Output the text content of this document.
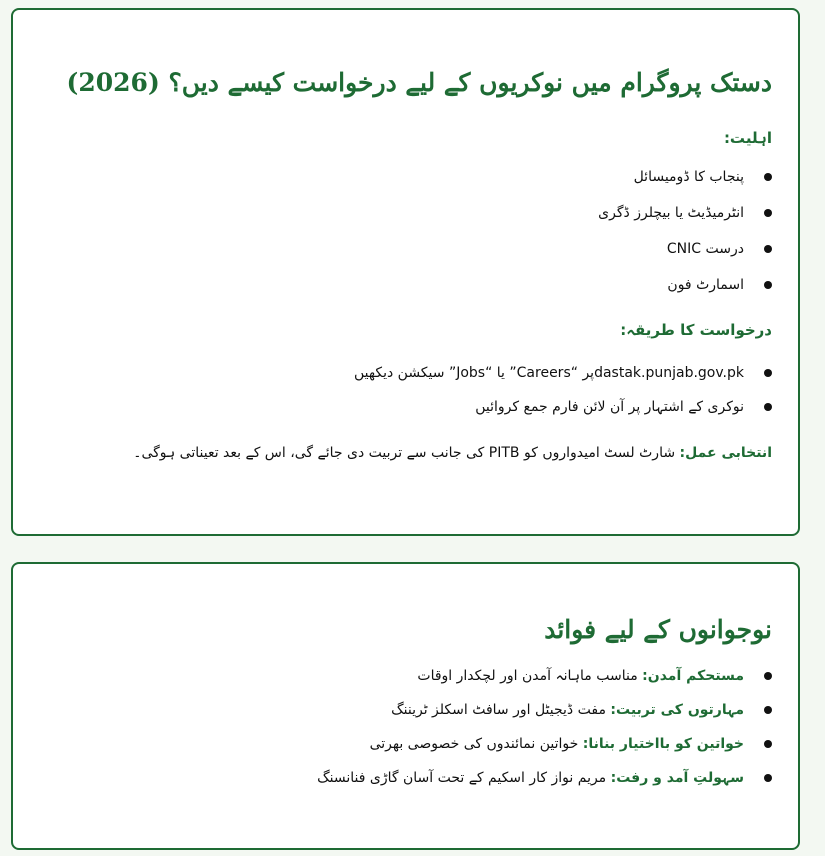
دستک پروگرام میں نوکریوں کے لیے درخواست کیسے دیں؟ (2026)
اہلیت:
پنجاب کا ڈومیسائل
انٹرمیڈیٹ یا بیچلرز ڈگری
درست CNIC
اسمارٹ فون
درخواست کا طریقہ:
dastak.punjab.gov.pkپر “Careers” یا “Jobs” سیکشن دیکھیں
نوکری کے اشتہار پر آن لائن فارم جمع کروائیں

انتخابی عمل: شارٹ لسٹ امیدواروں کو PITB کی جانب سے تربیت دی جائے گی، اس کے بعد تعیناتی ہوگی۔

نوجوانوں کے لیے فوائد
مستحکم آمدن: مناسب ماہانہ آمدن اور لچکدار اوقات
مہارتوں کی تربیت: مفت ڈیجیٹل اور سافٹ اسکلز ٹریننگ
خواتین کو بااختیار بنانا: خواتین نمائندوں کی خصوصی بھرتی
سہولتِ آمد و رفت: مریم نواز کار اسکیم کے تحت آسان گاڑی فنانسنگ
